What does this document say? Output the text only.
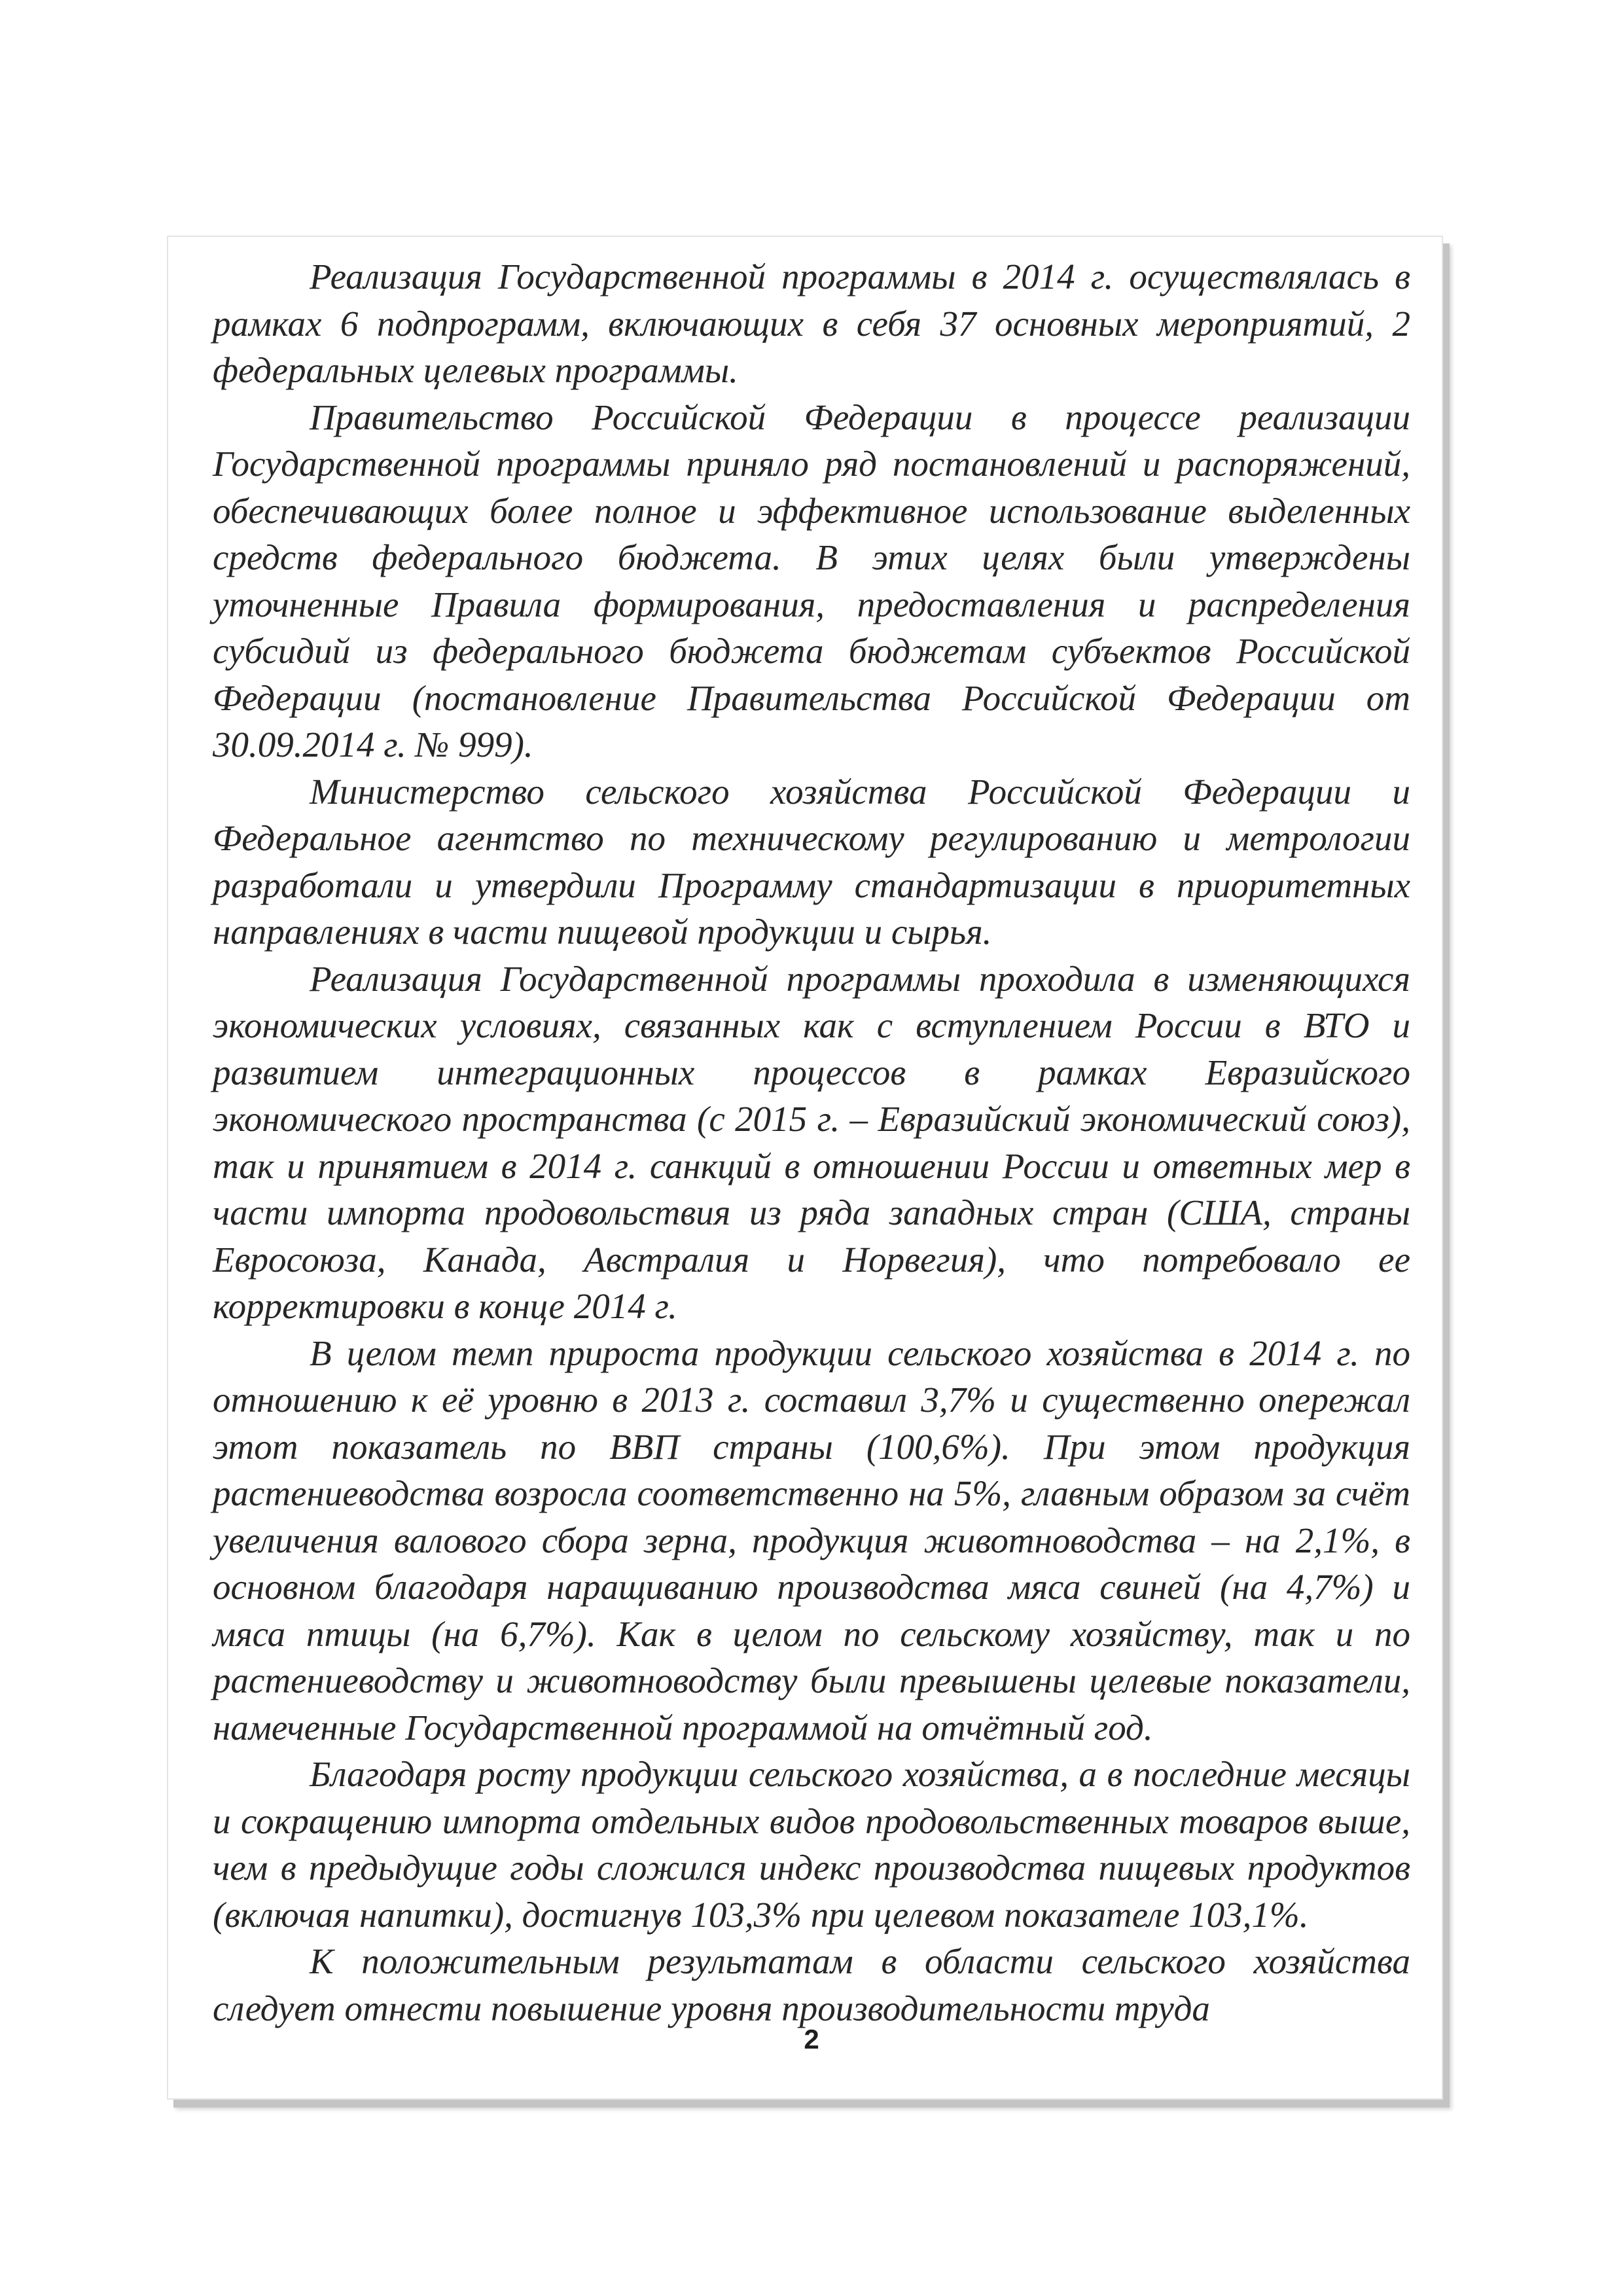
Реализация Государственной программы в 2014 г. осуществлялась в рамках 6 подпрограмм, включающих в себя 37 основных мероприятий, 2 федеральных целевых программы.

Правительство Российской Федерации в процессе реализации Государственной программы приняло ряд постановлений и распоряжений, обеспечивающих более полное и эффективное использование выделенных средств федерального бюджета. В этих целях были утверждены уточненные Правила формирования, предоставления и распределения субсидий из федерального бюджета бюджетам субъектов Российской Федерации (постановление Правительства Российской Федерации от 30.09.2014 г. № 999).

Министерство сельского хозяйства Российской Федерации и Федеральное агентство по техническому регулированию и метрологии разработали и утвердили Программу стандартизации в приоритетных направлениях в части пищевой продукции и сырья.

Реализация Государственной программы проходила в изменяющихся экономических условиях, связанных как с вступлением России в ВТО и развитием интеграционных процессов в рамках Евразийского экономического пространства (с 2015 г. – Евразийский экономический союз), так и принятием в 2014 г. санкций в отношении России и ответных мер в части импорта продовольствия из ряда западных стран (США, страны Евросоюза, Канада, Австралия и Норвегия), что потребовало ее корректировки в конце 2014 г.

В целом темп прироста продукции сельского хозяйства в 2014 г. по отношению к её уровню в 2013 г. составил 3,7% и существенно опережал этот показатель по ВВП страны (100,6%). При этом продукция растениеводства возросла соответственно на 5%, главным образом за счёт увеличения валового сбора зерна, продукция животноводства – на 2,1%, в основном благодаря наращиванию производства мяса свиней (на 4,7%) и мяса птицы (на 6,7%). Как в целом по сельскому хозяйству, так и по растениеводству и животноводству были превышены целевые показатели, намеченные Государственной программой на отчётный год.

Благодаря росту продукции сельского хозяйства, а в последние месяцы и сокращению импорта отдельных видов продовольственных товаров выше, чем в предыдущие годы сложился индекс производства пищевых продуктов (включая напитки), достигнув 103,3% при целевом показателе 103,1%.

К положительным результатам в области сельского хозяйства следует отнести повышение уровня производительности труда

2
